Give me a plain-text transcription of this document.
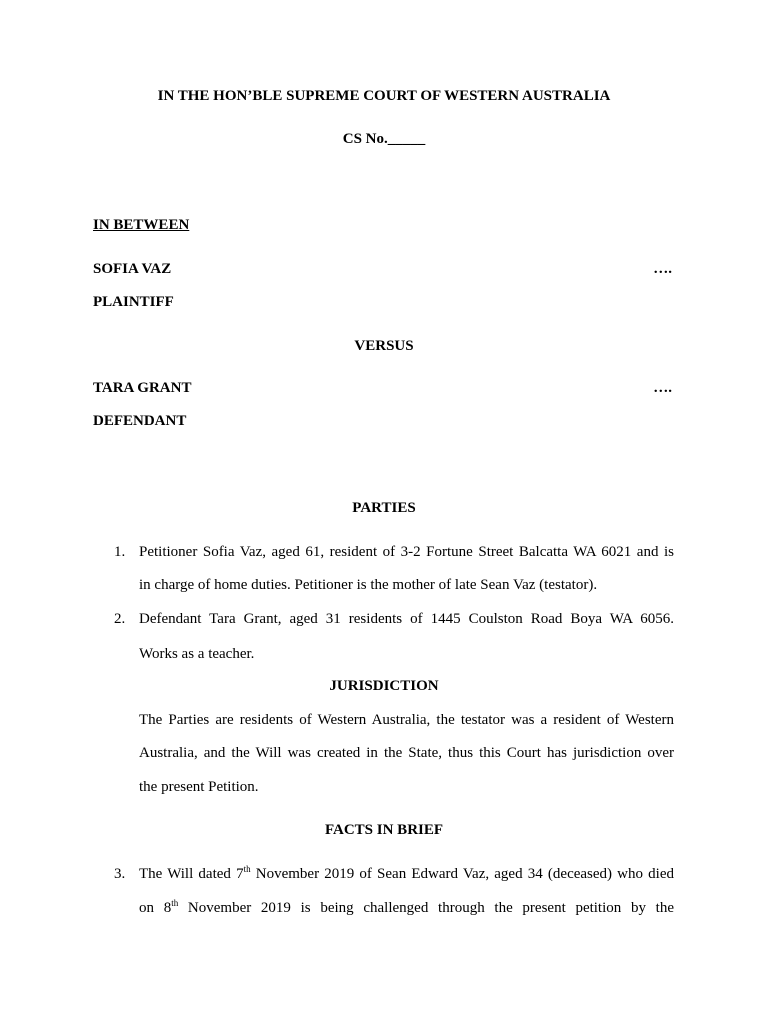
IN THE HON’BLE SUPREME COURT OF WESTERN AUSTRALIA
CS No._____
IN BETWEEN
SOFIA VAZ	….
PLAINTIFF
VERSUS
TARA GRANT	….
DEFENDANT
PARTIES
1. Petitioner Sofia Vaz, aged 61, resident of 3-2 Fortune Street Balcatta WA 6021 and is
in charge of home duties. Petitioner is the mother of late Sean Vaz (testator).
2. Defendant Tara Grant, aged 31 residents of 1445 Coulston Road Boya WA 6056.
Works as a teacher.
JURISDICTION
The Parties are residents of Western Australia, the testator was a resident of Western
Australia, and the Will was created in the State, thus this Court has jurisdiction over
the present Petition.
FACTS IN BRIEF
3. The Will dated 7th November 2019 of Sean Edward Vaz, aged 34 (deceased) who died
on 8th November 2019 is being challenged through the present petition by the
